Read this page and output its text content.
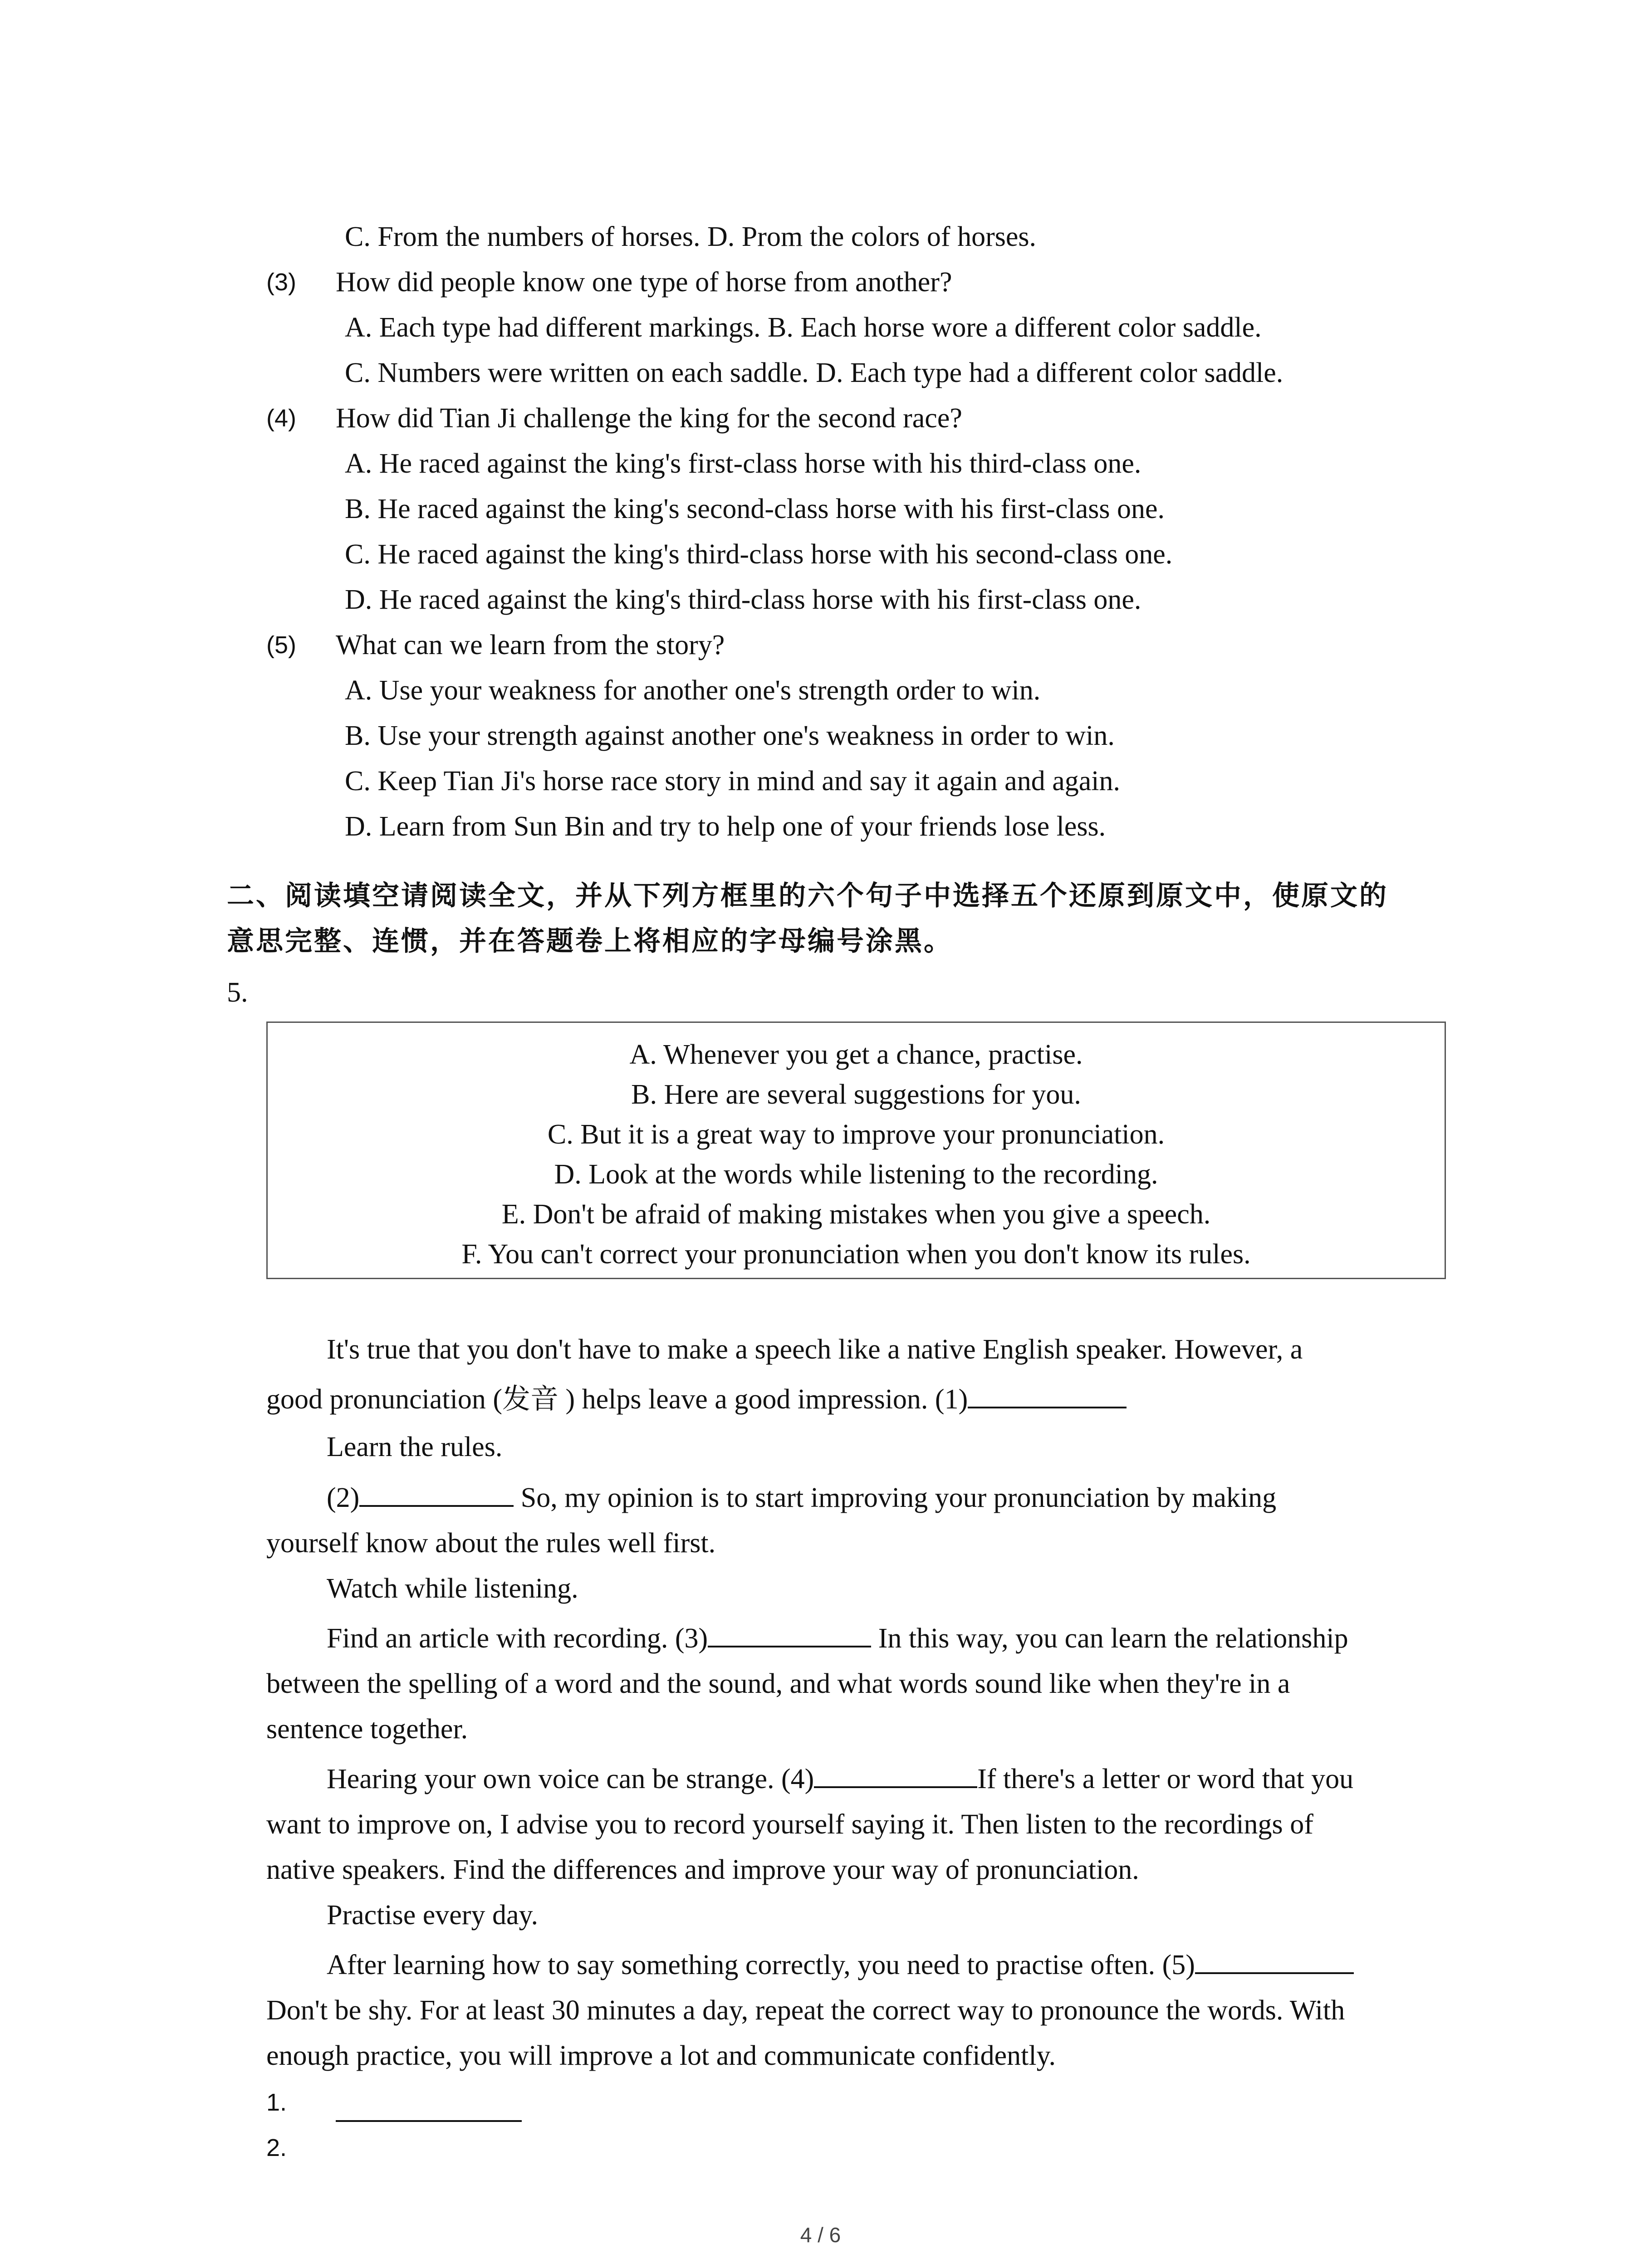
C. From the numbers of horses. D. Prom the colors of horses.
(3) How did people know one type of horse from another?
A. Each type had different markings. B. Each horse wore a different color saddle.
C. Numbers were written on each saddle. D. Each type had a different color saddle.
(4) How did Tian Ji challenge the king for the second race?
A. He raced against the king's first-class horse with his third-class one.
B. He raced against the king's second-class horse with his first-class one.
C. He raced against the king's third-class horse with his second-class one.
D. He raced against the king's third-class horse with his first-class one.
(5) What can we learn from the story?
A. Use your weakness for another one's strength order to win.
B. Use your strength against another one's weakness in order to win.
C. Keep Tian Ji's horse race story in mind and say it again and again.
D. Learn from Sun Bin and try to help one of your friends lose less.
二、阅读填空请阅读全文，并从下列方框里的六个句子中选择五个还原到原文中，使原文的
意思完整、连惯，并在答题卷上将相应的字母编号涂黑。
5.
A. Whenever you get a chance, practise.
B. Here are several suggestions for you.
C. But it is a great way to improve your pronunciation.
D. Look at the words while listening to the recording.
E. Don't be afraid of making mistakes when you give a speech.
F. You can't correct your pronunciation when you don't know its rules.
It's true that you don't have to make a speech like a native English speaker. However, a
good pronunciation (发音 ) helps leave a good impression. (1)
Learn the rules.
(2)	So, my opinion is to start improving your pronunciation by making
yourself know about the rules well first.
Watch while listening.
Find an article with recording. (3)	In this way, you can learn the relationship
between the spelling of a word and the sound, and what words sound like when they're in a
sentence together.
Hearing your own voice can be strange. (4)	If there's a letter or word that you
want to improve on, I advise you to record yourself saying it. Then listen to the recordings of
native speakers. Find the differences and improve your way of pronunciation.
Practise every day.
After learning how to say something correctly, you need to practise often. (5)
Don't be shy. For at least 30 minutes a day, repeat the correct way to pronounce the words. With
enough practice, you will improve a lot and communicate confidently.
1.
2.
4 / 6
